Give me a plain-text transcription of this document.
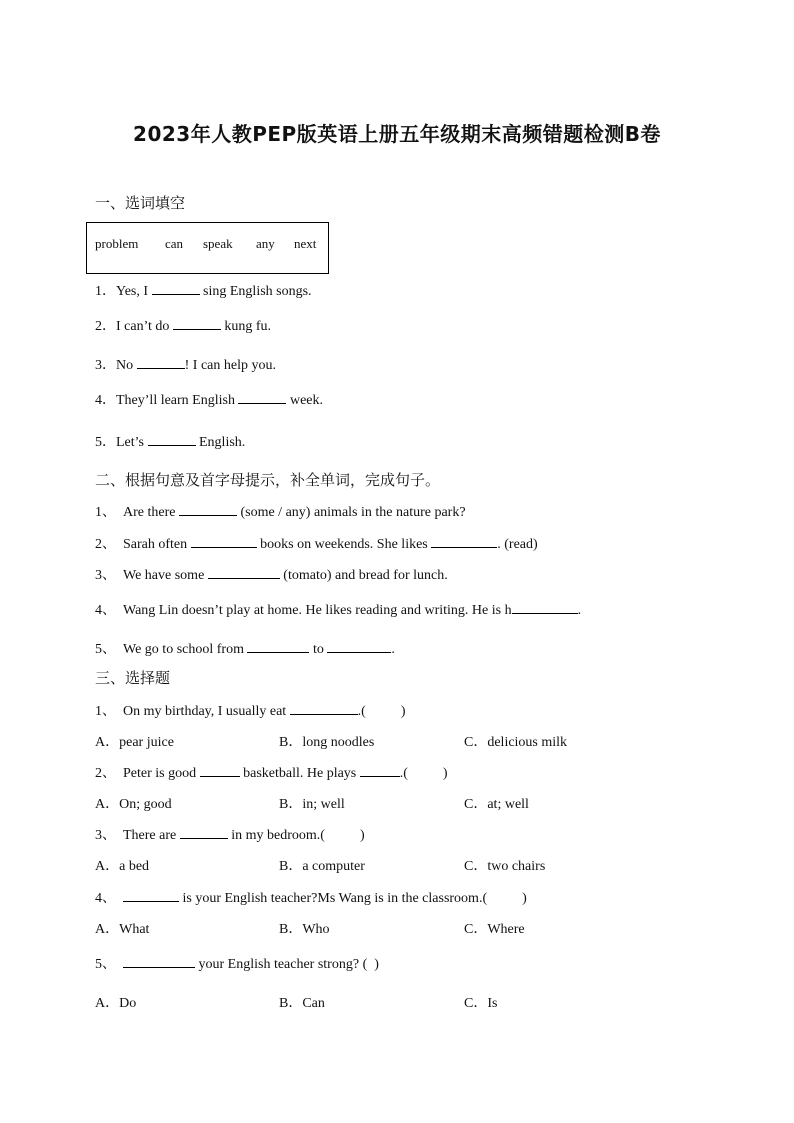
2023年人教PEP版英语上册五年级期末高频错题检测B卷
一、选词填空
problem can speak any next
1．Yes, I	sing English songs.
2．I can’t do	kung fu.
3．No	! I can help you.
4．They’ll learn English	week.
5．Let’s	English.
二、根据句意及首字母提示，补全单词，完成句子。
1、 Are there	(some / any) animals in the nature park?
2、 Sarah often	books on weekends. She likes	. (read)
3、 We have some	(tomato) and bread for lunch.
4、 Wang Lin doesn’t play at home. He likes reading and writing. He is h	.
5、 We go to school from	to	.
三、选择题
1、 On my birthday, I usually eat	.(          )
A．pear juice	B．long noodles	C．delicious milk
2、 Peter is good	basketball. He plays	.(          )
A．On; good	B．in; well	C．at; well
3、 There are	in my bedroom.(          )
A．a bed	B．a computer	C．two chairs
4、	is your English teacher?Ms Wang is in the classroom.(          )
A．What	B．Who	C．Where
5、	your English teacher strong? (  )
A．Do	B．Can	C．Is
